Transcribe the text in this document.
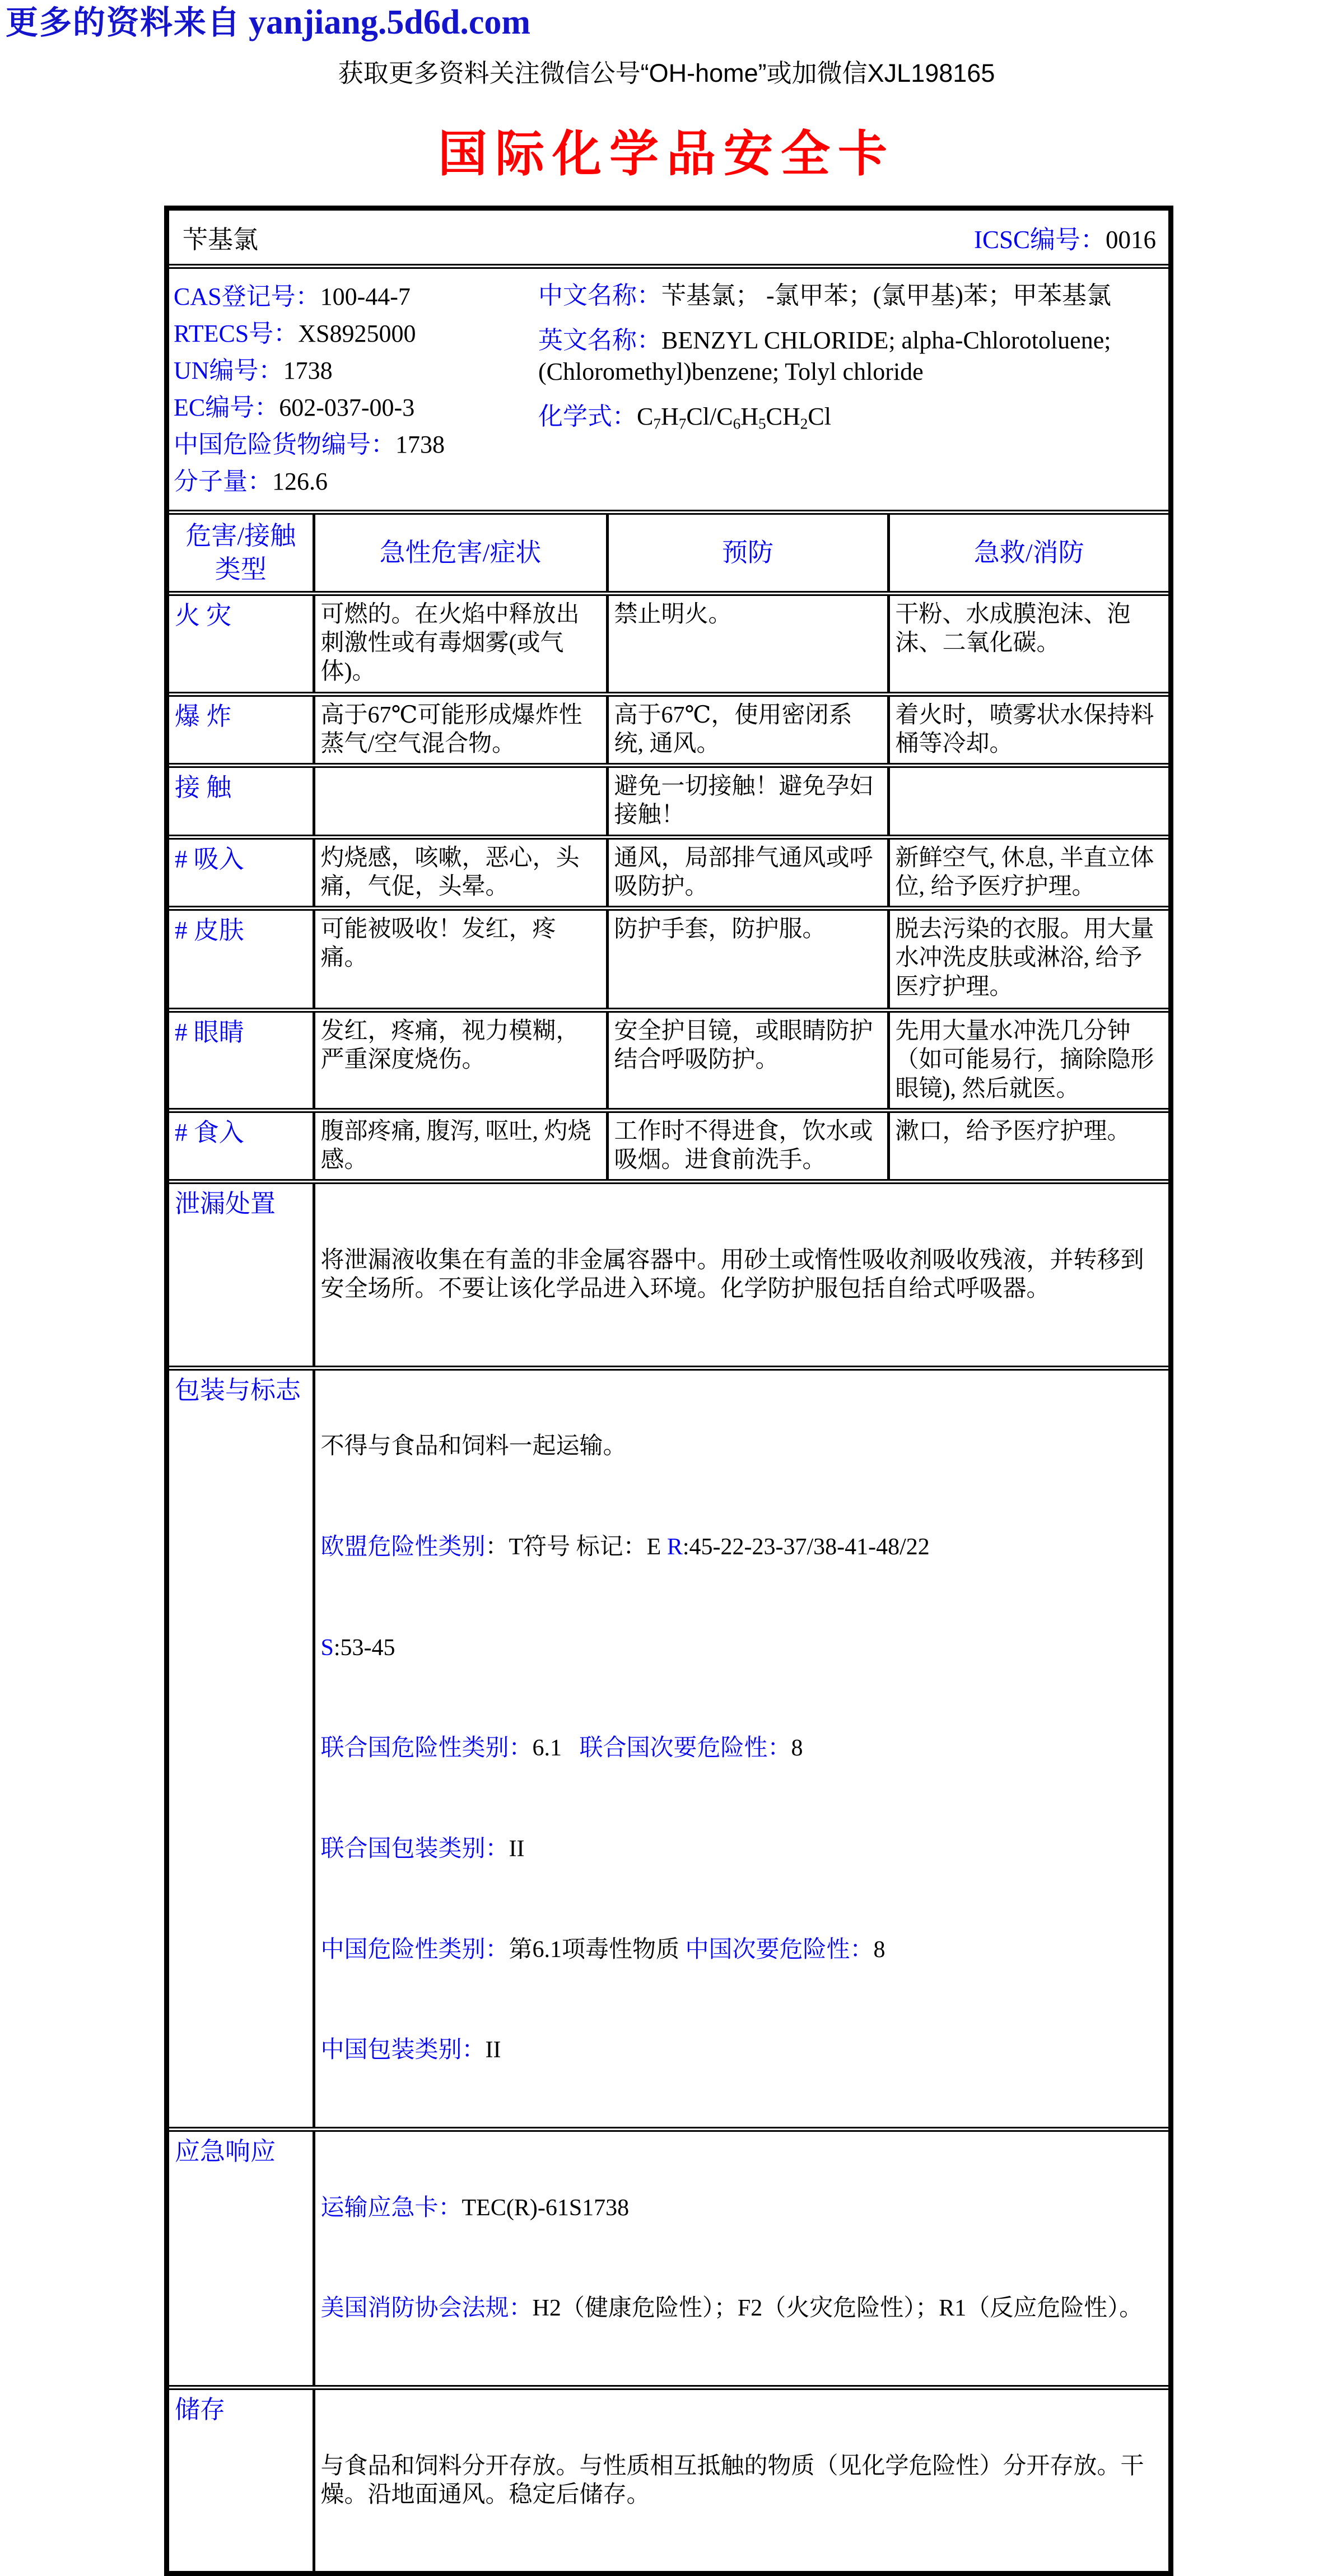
更多的资料来自 yanjiang.5d6d.com
获取更多资料关注微信公号“OH-home”或加微信XJL198165
国际化学品安全卡
苄基氯	ICSC编号：0016
CAS登记号：100-44-7
RTECS号：XS8925000
UN编号：1738
EC编号：602-037-00-3
中国危险货物编号：1738
分子量：126.6
中文名称：苄基氯； -氯甲苯；(氯甲基)苯；甲苯基氯
英文名称：BENZYL CHLORIDE; alpha-Chlorotoluene; (Chloromethyl)benzene; Tolyl chloride
化学式：$C_7H_7Cl/C_6H_5CH_2Cl$
危害/接触类型	急性危害/症状	预防	急救/消防
火 灾	可燃的。在火焰中释放出刺激性或有毒烟雾(或气体)。	禁止明火。	干粉、水成膜泡沫、泡沫、二氧化碳。
爆 炸	高于67℃可能形成爆炸性蒸气/空气混合物。	高于67℃，使用密闭系统, 通风。	着火时，喷雾状水保持料桶等冷却。
接 触		避免一切接触！避免孕妇接触！	
# 吸入	灼烧感，咳嗽，恶心，头痛，气促，头晕。	通风，局部排气通风或呼吸防护。	新鲜空气, 休息, 半直立体位, 给予医疗护理。
# 皮肤	可能被吸收！发红，疼痛。	防护手套，防护服。	脱去污染的衣服。用大量水冲洗皮肤或淋浴, 给予医疗护理。
# 眼睛	发红，疼痛，视力模糊，严重深度烧伤。	安全护目镜，或眼睛防护结合呼吸防护。	先用大量水冲洗几分钟（如可能易行，摘除隐形眼镜), 然后就医。
# 食入	腹部疼痛, 腹泻, 呕吐, 灼烧感。	工作时不得进食，饮水或吸烟。进食前洗手。	漱口，给予医疗护理。
泄漏处置	将泄漏液收集在有盖的非金属容器中。用砂土或惰性吸收剂吸收残液，并转移到安全场所。不要让该化学品进入环境。化学防护服包括自给式呼吸器。		

包装与标志	

不得与食品和饲料一起运输。

欧盟危险性类别：T符号 标记：E R:45-22-23-37/38-41-48/22

S:53-45

联合国危险性类别：6.1   联合国次要危险性：8

联合国包装类别：II

中国危险性类别：第6.1项毒性物质 中国次要危险性：8

中国包装类别：II

应急响应	运输应急卡：TEC(R)-61S1738

美国消防协会法规：H2（健康危险性）；F2（火灾危险性）；R1（反应危险性）。		

储存	与食品和饲料分开存放。与性质相互抵触的物质（见化学危险性）分开存放。干燥。沿地面通风。稳定后储存。		
